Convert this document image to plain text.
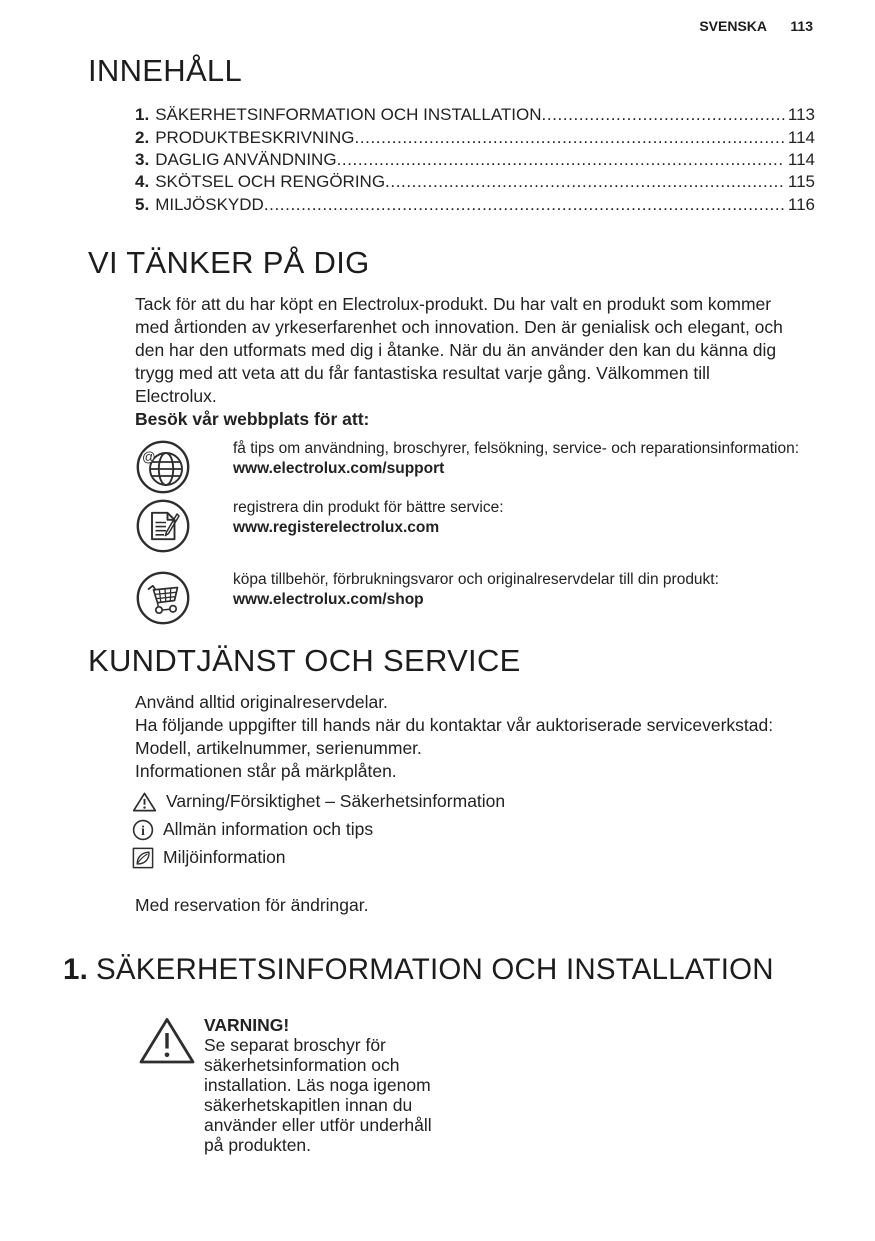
SVENSKA 113
INNEHÅLL
1. SÄKERHETSINFORMATION OCH INSTALLATION .....	113
2. PRODUKTBESKRIVNING .....	114
3. DAGLIG ANVÄNDNING .....	114
4. SKÖTSEL OCH RENGÖRING .....	115
5. MILJÖSKYDD .....	116
VI TÄNKER PÅ DIG

Tack för att du har köpt en Electrolux-produkt. Du har valt en produkt som kommer med årtionden av yrkeserfarenhet och innovation. Den är genialisk och elegant, och den har den utformats med dig i åtanke. När du än använder den kan du känna dig trygg med att veta att du får fantastiska resultat varje gång. Välkommen till Electrolux.

Besök vår webbplats för att:

@	få tips om användning, broschyrer, felsökning, service- och reparationsinformation:

www.electrolux.com/support

registrera din produkt för bättre service:

www.registerelectrolux.com

köpa tillbehör, förbrukningsvaror och originalreservdelar till din produkt:

www.electrolux.com/shop

KUNDTJÄNST OCH SERVICE

Använd alltid originalreservdelar.

Ha följande uppgifter till hands när du kontaktar vår auktoriserade serviceverkstad: Modell, artikelnummer, serienummer.

Informationen står på märkplåten.

Varning/Försiktighet – Säkerhetsinformation
i Allmän information och tips
Miljöinformation

Med reservation för ändringar.

1. SÄKERHETSINFORMATION OCH INSTALLATION

VARNING!

Se separat broschyr för säkerhetsinformation och installation. Läs noga igenom säkerhetskapitlen innan du använder eller utför underhåll på produkten.
